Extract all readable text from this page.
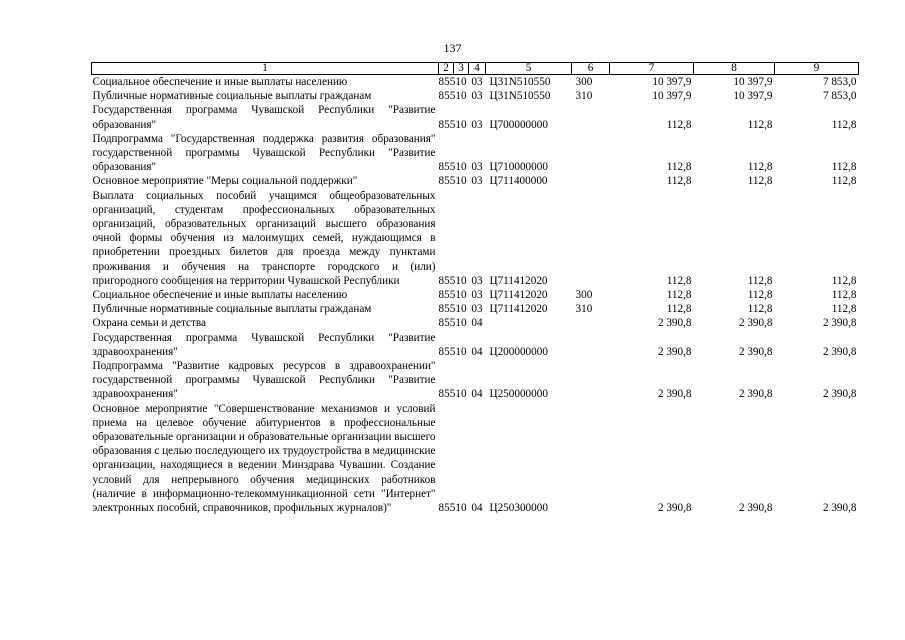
137
1	2	3	4	5	6	7	8	9
Социальное обеспечение и иные выплаты населению	855	10	03	Ц31N510550	300	10 397,9	10 397,9	7 853,0
Публичные нормативные социальные выплаты гражданам	855	10	03	Ц31N510550	310	10 397,9	10 397,9	7 853,0
Государственная программа Чувашской Республики "Развитие образования"	855	10	03	Ц700000000		112,8	112,8	112,8
Подпрограмма "Государственная поддержка развития образования" государственной программы Чувашской Республики "Развитие образования"	855	10	03	Ц710000000		112,8	112,8	112,8
Основное мероприятие "Меры социальной поддержки"	855	10	03	Ц711400000		112,8	112,8	112,8
Выплата социальных пособий учащимся общеобразовательных организаций, студентам профессиональных образовательных организаций, образовательных организаций высшего образования очной формы обучения из малоимущих семей, нуждающимся в приобретении проездных билетов для проезда между пунктами проживания и обучения на транспорте городского и (или) пригородного сообщения на территории Чувашской Республики	855	10	03	Ц711412020		112,8	112,8	112,8
Социальное обеспечение и иные выплаты населению	855	10	03	Ц711412020	300	112,8	112,8	112,8
Публичные нормативные социальные выплаты гражданам	855	10	03	Ц711412020	310	112,8	112,8	112,8
Охрана семьи и детства	855	10	04			2 390,8	2 390,8	2 390,8
Государственная программа Чувашской Республики "Развитие здравоохранения"	855	10	04	Ц200000000		2 390,8	2 390,8	2 390,8
Подпрограмма "Развитие кадровых ресурсов в здравоохранении" государственной программы Чувашской Республики "Развитие здравоохранения"	855	10	04	Ц250000000		2 390,8	2 390,8	2 390,8
Основное мероприятие "Совершенствование механизмов и условий приема на целевое обучение абитуриентов в профессиональные образовательные организации и образовательные организации высшего образования с целью последующего их трудоустройства в медицинские организации, находящиеся в ведении Минздрава Чувашии. Создание условий для непрерывного обучения медицинских работников (наличие в информационно-телекоммуникационной сети "Интернет" электронных пособий, справочников, профильных журналов)"	855	10	04	Ц250300000		2 390,8	2 390,8	2 390,8
